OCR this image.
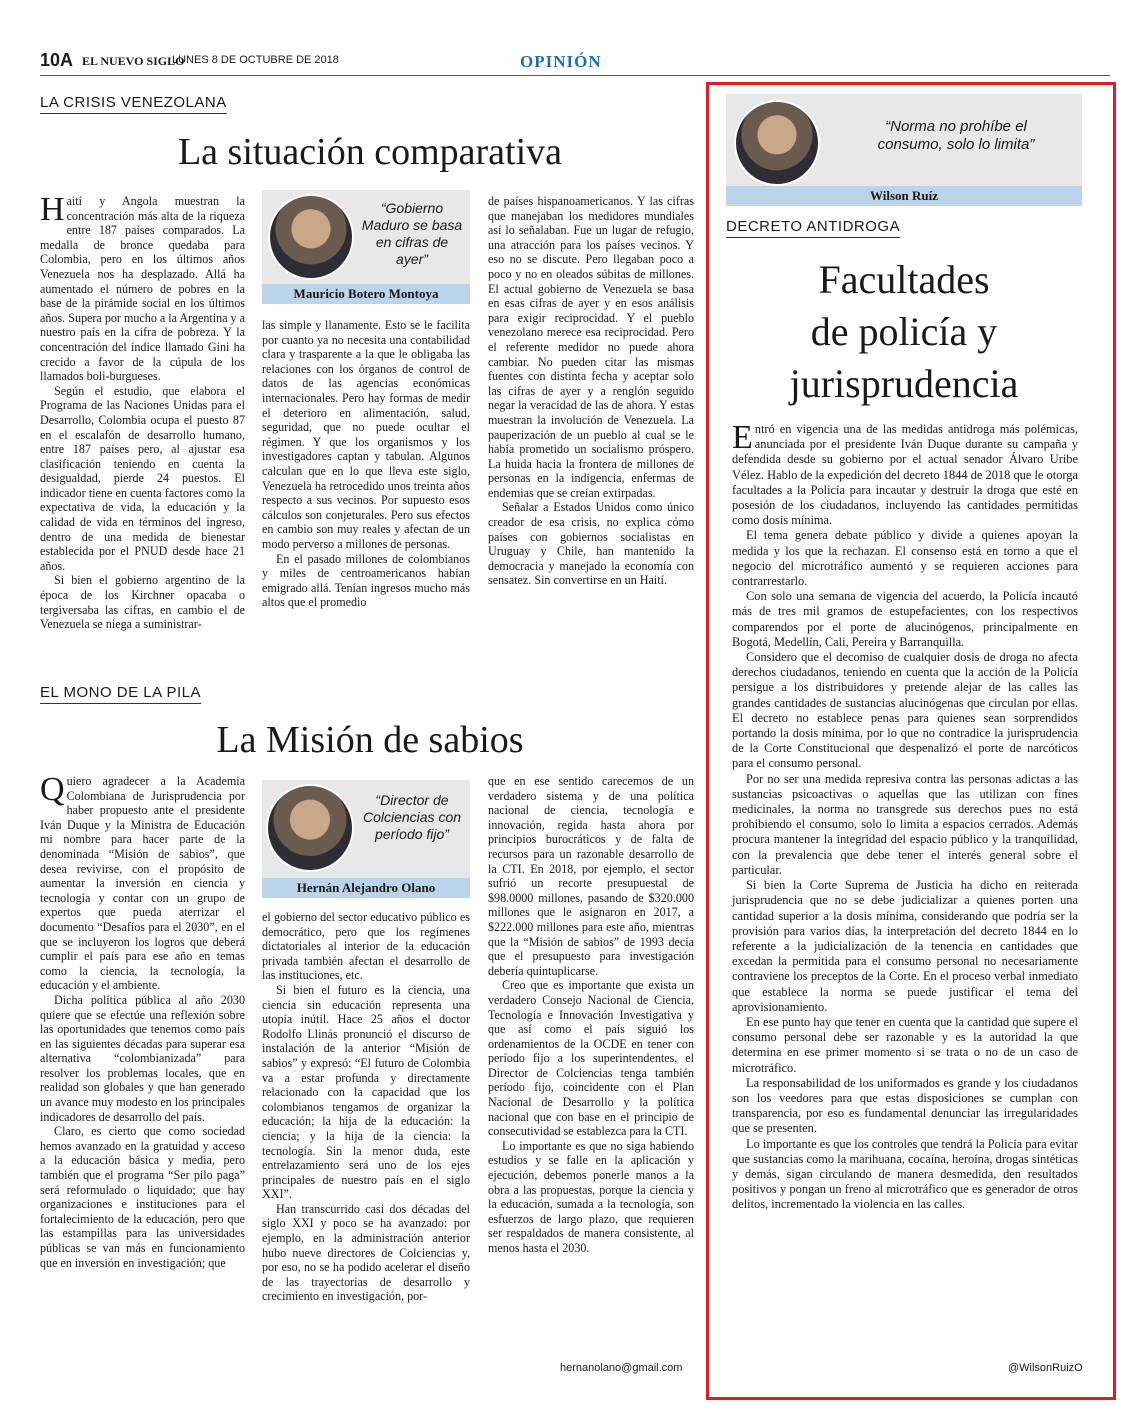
10A EL NUEVO SIGLO
LUNES 8 DE OCTUBRE DE 2018	OPINIÓN
LA CRISIS VENEZOLANA
La situación comparativa

Haití y Angola muestran la concentración más alta de la riqueza entre 187 países comparados. La medalla de bronce quedaba para Colombia, pero en los últimos años Venezuela nos ha desplazado. Allá ha aumentado el número de pobres en la base de la pirámide social en los últimos años. Supera por mucho a la Argentina y a nuestro país en la cifra de pobreza. Y la concentración del índice llamado Gini ha crecido a favor de la cúpula de los llamados boli-burgueses.

Según el estudio, que elabora el Programa de las Naciones Unidas para el Desarrollo, Colombia ocupa el puesto 87 en el escalafón de desarrollo humano, entre 187 países pero, al ajustar esa clasificación teniendo en cuenta la desigualdad, pierde 24 puestos. El indicador tiene en cuenta factores como la expectativa de vida, la educación y la calidad de vida en términos del ingreso, dentro de una medida de bienestar establecida por el PNUD desde hace 21 años.

Si bien el gobierno argentino de la época de los Kirchner opacaba o tergiversaba las cifras, en cambio el de Venezuela se niega a suministrar-

“Gobierno Maduro se basa en cifras de ayer”
Mauricio Botero Montoya

las simple y llanamente. Esto se le facilita por cuanto ya no necesita una contabilidad clara y trasparente a la que le obligaba las relaciones con los órganos de control de datos de las agencias económicas internacionales. Pero hay formas de medir el deterioro en alimentación, salud, seguridad, que no puede ocultar el régimen. Y que los organismos y los investigadores captan y tabulan. Algunos calculan que en lo que lleva este siglo, Venezuela ha retrocedido unos treinta años respecto a sus vecinos. Por supuesto esos cálculos son conjeturales. Pero sus efectos en cambio son muy reales y afectan de un modo perverso a millones de personas.

En el pasado millones de colombianos y miles de centroamericanos habían emigrado allá. Tenían ingresos mucho más altos que el promedio

de países hispanoamericanos. Y las cifras que manejaban los medidores mundiales así lo señalaban. Fue un lugar de refugio, una atracción para los países vecinos. Y eso no se discute. Pero llegaban poco a poco y no en oleados súbitas de millones. El actual gobierno de Venezuela se basa en esas cifras de ayer y en esos análisis para exigir reciprocidad. Y el pueblo venezolano merece esa reciprocidad. Pero el referente medidor no puede ahora cambiar. No pueden citar las mismas fuentes con distinta fecha y aceptar solo las cifras de ayer y a renglón seguido negar la veracidad de las de ahora. Y estas muestran la involución de Venezuela. La pauperización de un pueblo al cual se le había prometido un socialismo próspero. La huida hacia la frontera de millones de personas en la indigencia, enfermas de endemias que se creían extirpadas.

Señalar a Estados Unidos como único creador de esa crisis, no explica cómo países con gobiernos socialistas en Uruguay y Chile, han mantenido la democracia y manejado la economía con sensatez. Sin convertirse en un Haití.

EL MONO DE LA PILA
La Misión de sabios

Quiero agradecer a la Academia Colombiana de Jurisprudencia por haber propuesto ante el presidente Iván Duque y la Ministra de Educación mi nombre para hacer parte de la denominada “Misión de sabios”, que desea revivirse, con el propósito de aumentar la inversión en ciencia y tecnología y contar con un grupo de expertos que pueda aterrizar el documento “Desafíos para el 2030”, en el que se incluyeron los logros que deberá cumplir el país para ese año en temas como la ciencia, la tecnología, la educación y el ambiente.

Dicha política pública al año 2030 quiere que se efectúe una reflexión sobre las oportunidades que tenemos como país en las siguientes décadas para superar esa alternativa “colombianizada” para resolver los problemas locales, que en realidad son globales y que han generado un avance muy modesto en los principales indicadores de desarrollo del país.

Claro, es cierto que como sociedad hemos avanzado en la gratuidad y acceso a la educación básica y media, pero también que el programa “Ser pilo paga” será reformulado o liquidado; que hay organizaciones e instituciones para el fortalecimiento de la educación, pero que las estampillas para las universidades públicas se van más en funcionamiento que en inversión en investigación; que

“Director de Colciencias con período fijo”
Hernán Alejandro Olano

el gobierno del sector educativo público es democrático, pero que los regímenes dictatoriales al interior de la educación privada también afectan el desarrollo de las instituciones, etc.

Si bien el futuro es la ciencia, una ciencia sin educación representa una utopía inútil. Hace 25 años el doctor Rodolfo Llinás pronunció el discurso de instalación de la anterior “Misión de sabios” y expresó: “El futuro de Colombia va a estar profunda y directamente relacionado con la capacidad que los colombianos tengamos de organizar la educación; la hija de la educación: la ciencia; y la hija de la ciencia: la tecnología. Sin la menor duda, este entrelazamiento será uno de los ejes principales de nuestro país en el siglo XXI”.

Han transcurrido casi dos décadas del siglo XXI y poco se ha avanzado: por ejemplo, en la administración anterior hubo nueve directores de Colciencias y, por eso, no se ha podido acelerar el diseño de las trayectorias de desarrollo y crecimiento en investigación, por-

que en ese sentido carecemos de un verdadero sistema y de una política nacional de ciencia, tecnología e innovación, regida hasta ahora por principios burocráticos y de falta de recursos para un razonable desarrollo de la CTI. En 2018, por ejemplo, el sector sufrió un recorte presupuestal de $98.0000 millones, pasando de $320.000 millones que le asignaron en 2017, a $222.000 millones para este año, mientras que la “Misión de sabios” de 1993 decía que el presupuesto para investigación debería quintuplicarse.

Creo que es importante que exista un verdadero Consejo Nacional de Ciencia, Tecnología e Innovación Investigativa y que así como el país siguió los ordenamientos de la OCDE en tener con período fijo a los superintendentes, el Director de Colciencias tenga también período fijo, coincidente con el Plan Nacional de Desarrollo y la política nacional que con base en el principio de consecutividad se establezca para la CTI.

Lo importante es que no siga habiendo estudios y se falle en la aplicación y ejecución, debemos ponerle manos a la obra a las propuestas, porque la ciencia y la educación, sumada a la tecnología, son esfuerzos de largo plazo, que requieren ser respaldados de manera consistente, al menos hasta el 2030.

hernanolano@gmail.com
“Norma no prohíbe el consumo, solo lo limita”
Wilson Ruíz
DECRETO ANTIDROGA
Facultades
de policía y
jurisprudencia

Entró en vigencia una de las medidas antidroga más polémicas, anunciada por el presidente Iván Duque durante su campaña y defendida desde su gobierno por el actual senador Álvaro Uribe Vélez. Hablo de la expedición del decreto 1844 de 2018 que le otorga facultades a la Policía para incautar y destruir la droga que esté en posesión de los ciudadanos, incluyendo las cantidades permitidas como dosis mínima.

El tema genera debate público y divide a quienes apoyan la medida y los que la rechazan. El consenso está en torno a que el negocio del microtráfico aumentó y se requieren acciones para contrarrestarlo.

Con solo una semana de vigencia del acuerdo, la Policía incautó más de tres mil gramos de estupefacientes, con los respectivos comparendos por el porte de alucinógenos, principalmente en Bogotá, Medellín, Cali, Pereira y Barranquilla.

Considero que el decomiso de cualquier dosis de droga no afecta derechos ciudadanos, teniendo en cuenta que la acción de la Policía persigue a los distribuidores y pretende alejar de las calles las grandes cantidades de sustancias alucinógenas que circulan por ellas. El decreto no establece penas para quienes sean sorprendidos portando la dosis mínima, por lo que no contradice la jurisprudencia de la Corte Constitucional que despenalizó el porte de narcóticos para el consumo personal.

Por no ser una medida represiva contra las personas adictas a las sustancias psicoactivas o aquellas que las utilizan con fines medicinales, la norma no transgrede sus derechos pues no está prohibiendo el consumo, solo lo limita a espacios cerrados. Además procura mantener la integridad del espacio público y la tranquilidad, con la prevalencia que debe tener el interés general sobre el particular.

Si bien la Corte Suprema de Justicia ha dicho en reiterada jurisprudencia que no se debe judicializar a quienes porten una cantidad superior a la dosis mínima, considerando que podría ser la provisión para varios días, la interpretación del decreto 1844 en lo referente a la judicialización de la tenencia en cantidades que excedan la permitida para el consumo personal no necesariamente contraviene los preceptos de la Corte. En el proceso verbal inmediato que establece la norma se puede justificar el tema del aprovisionamiento.

En ese punto hay que tener en cuenta que la cantidad que supere el consumo personal debe ser razonable y es la autoridad la que determina en ese primer momento si se trata o no de un caso de microtráfico.

La responsabilidad de los uniformados es grande y los ciudadanos son los veedores para que estas disposiciones se cumplan con transparencia, por eso es fundamental denunciar las irregularidades que se presenten.

Lo importante es que los controles que tendrá la Policía para evitar que sustancias como la marihuana, cocaína, heroína, drogas sintéticas y demás, sigan circulando de manera desmedida, den resultados positivos y pongan un freno al microtráfico que es generador de otros delitos, incrementado la violencia en las calles.

@WilsonRuizO
